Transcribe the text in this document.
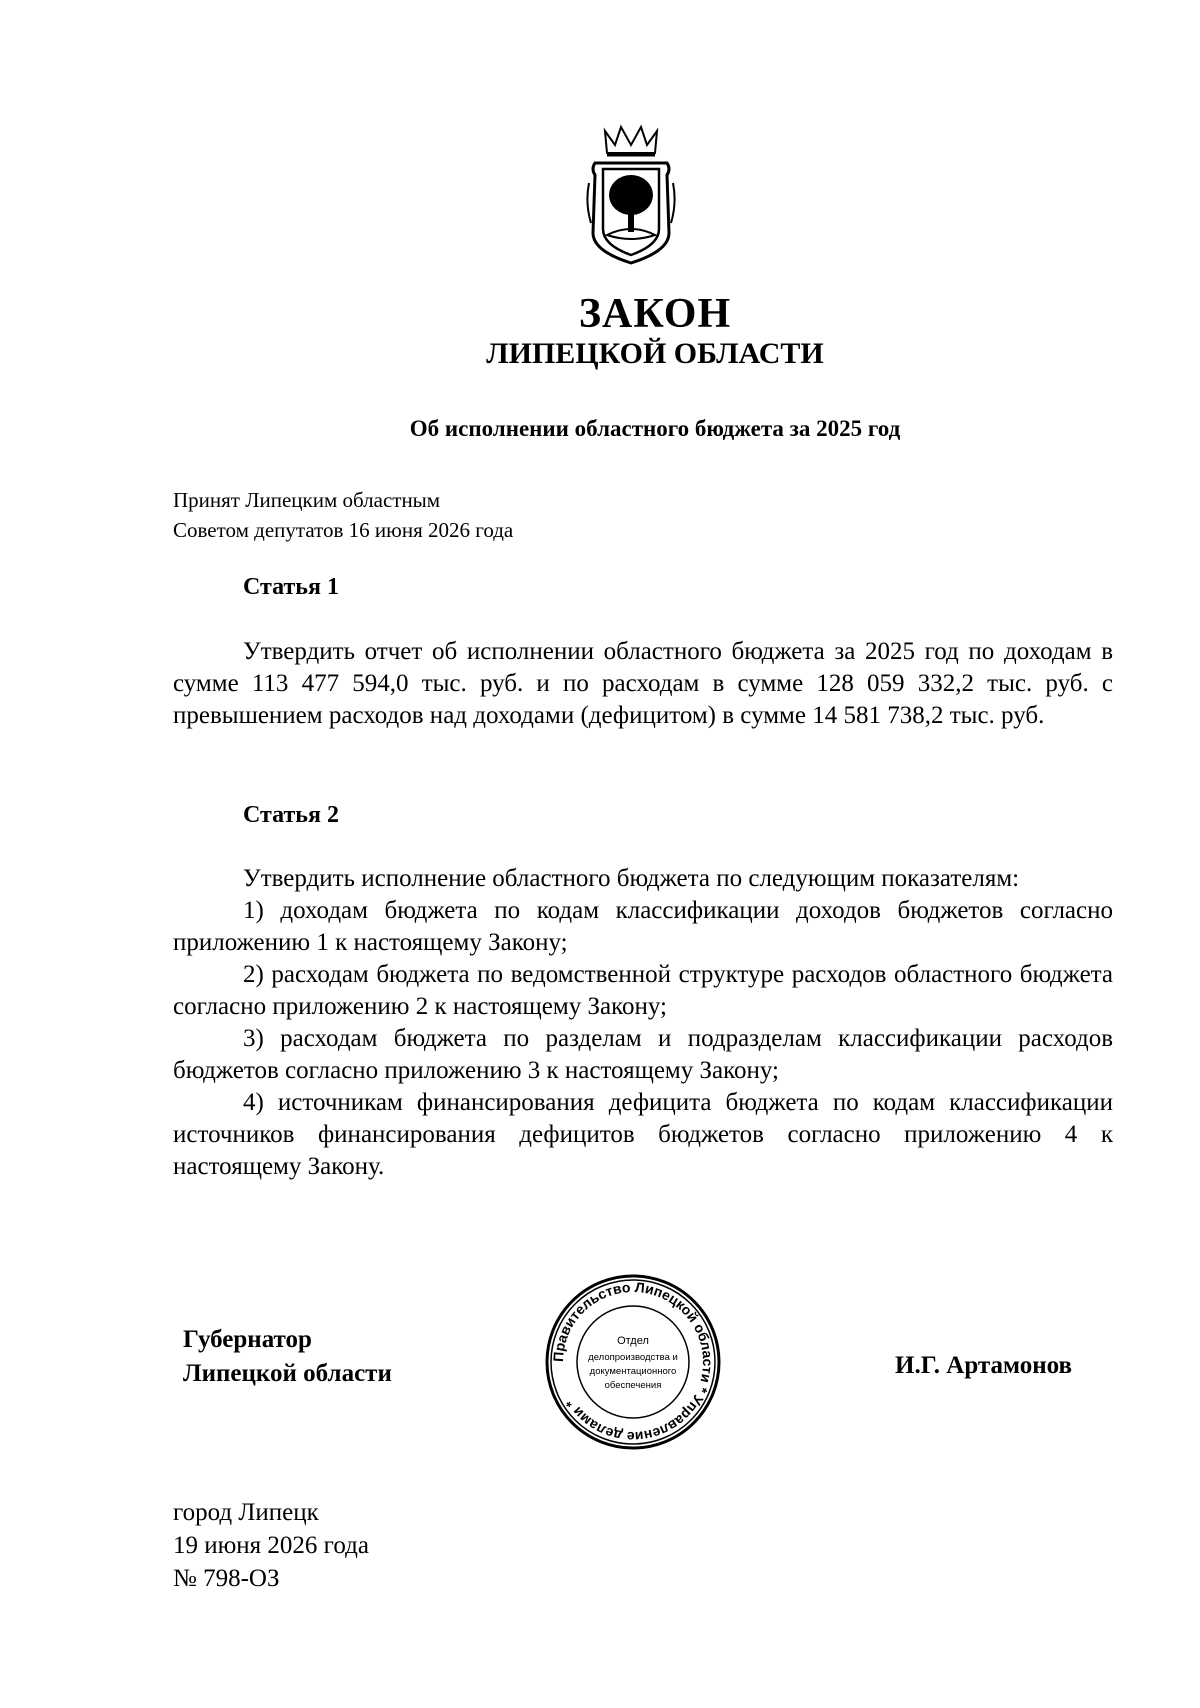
ЗАКОН
ЛИПЕЦКОЙ ОБЛАСТИ
Об исполнении областного бюджета за 2025 год
Принят Липецким областным
Советом депутатов 16 июня 2026 года
Статья 1

Утвердить отчет об исполнении областного бюджета за 2025 год по доходам в сумме 113 477 594,0 тыс. руб. и по расходам в сумме 128 059 332,2 тыс. руб. с превышением расходов над доходами (дефицитом) в сумме 14 581 738,2 тыс. руб.

Статья 2

Утвердить исполнение областного бюджета по следующим показателям:

1) доходам бюджета по кодам классификации доходов бюджетов согласно приложению 1 к настоящему Закону;

2) расходам бюджета по ведомственной структуре расходов областного бюджета согласно приложению 2 к настоящему Закону;

3) расходам бюджета по разделам и подразделам классификации расходов бюджетов согласно приложению 3 к настоящему Закону;

4) источникам финансирования дефицита бюджета по кодам классификации источников финансирования дефицитов бюджетов согласно приложению 4 к настоящему Закону.

Губернатор
Липецкой области
Правительство Липецкой области * Управление делами *
Отдел
делопроизводства и
документационного
обеспечения
И.Г. Артамонов
город Липецк
19 июня 2026 года
№ 798-ОЗ
